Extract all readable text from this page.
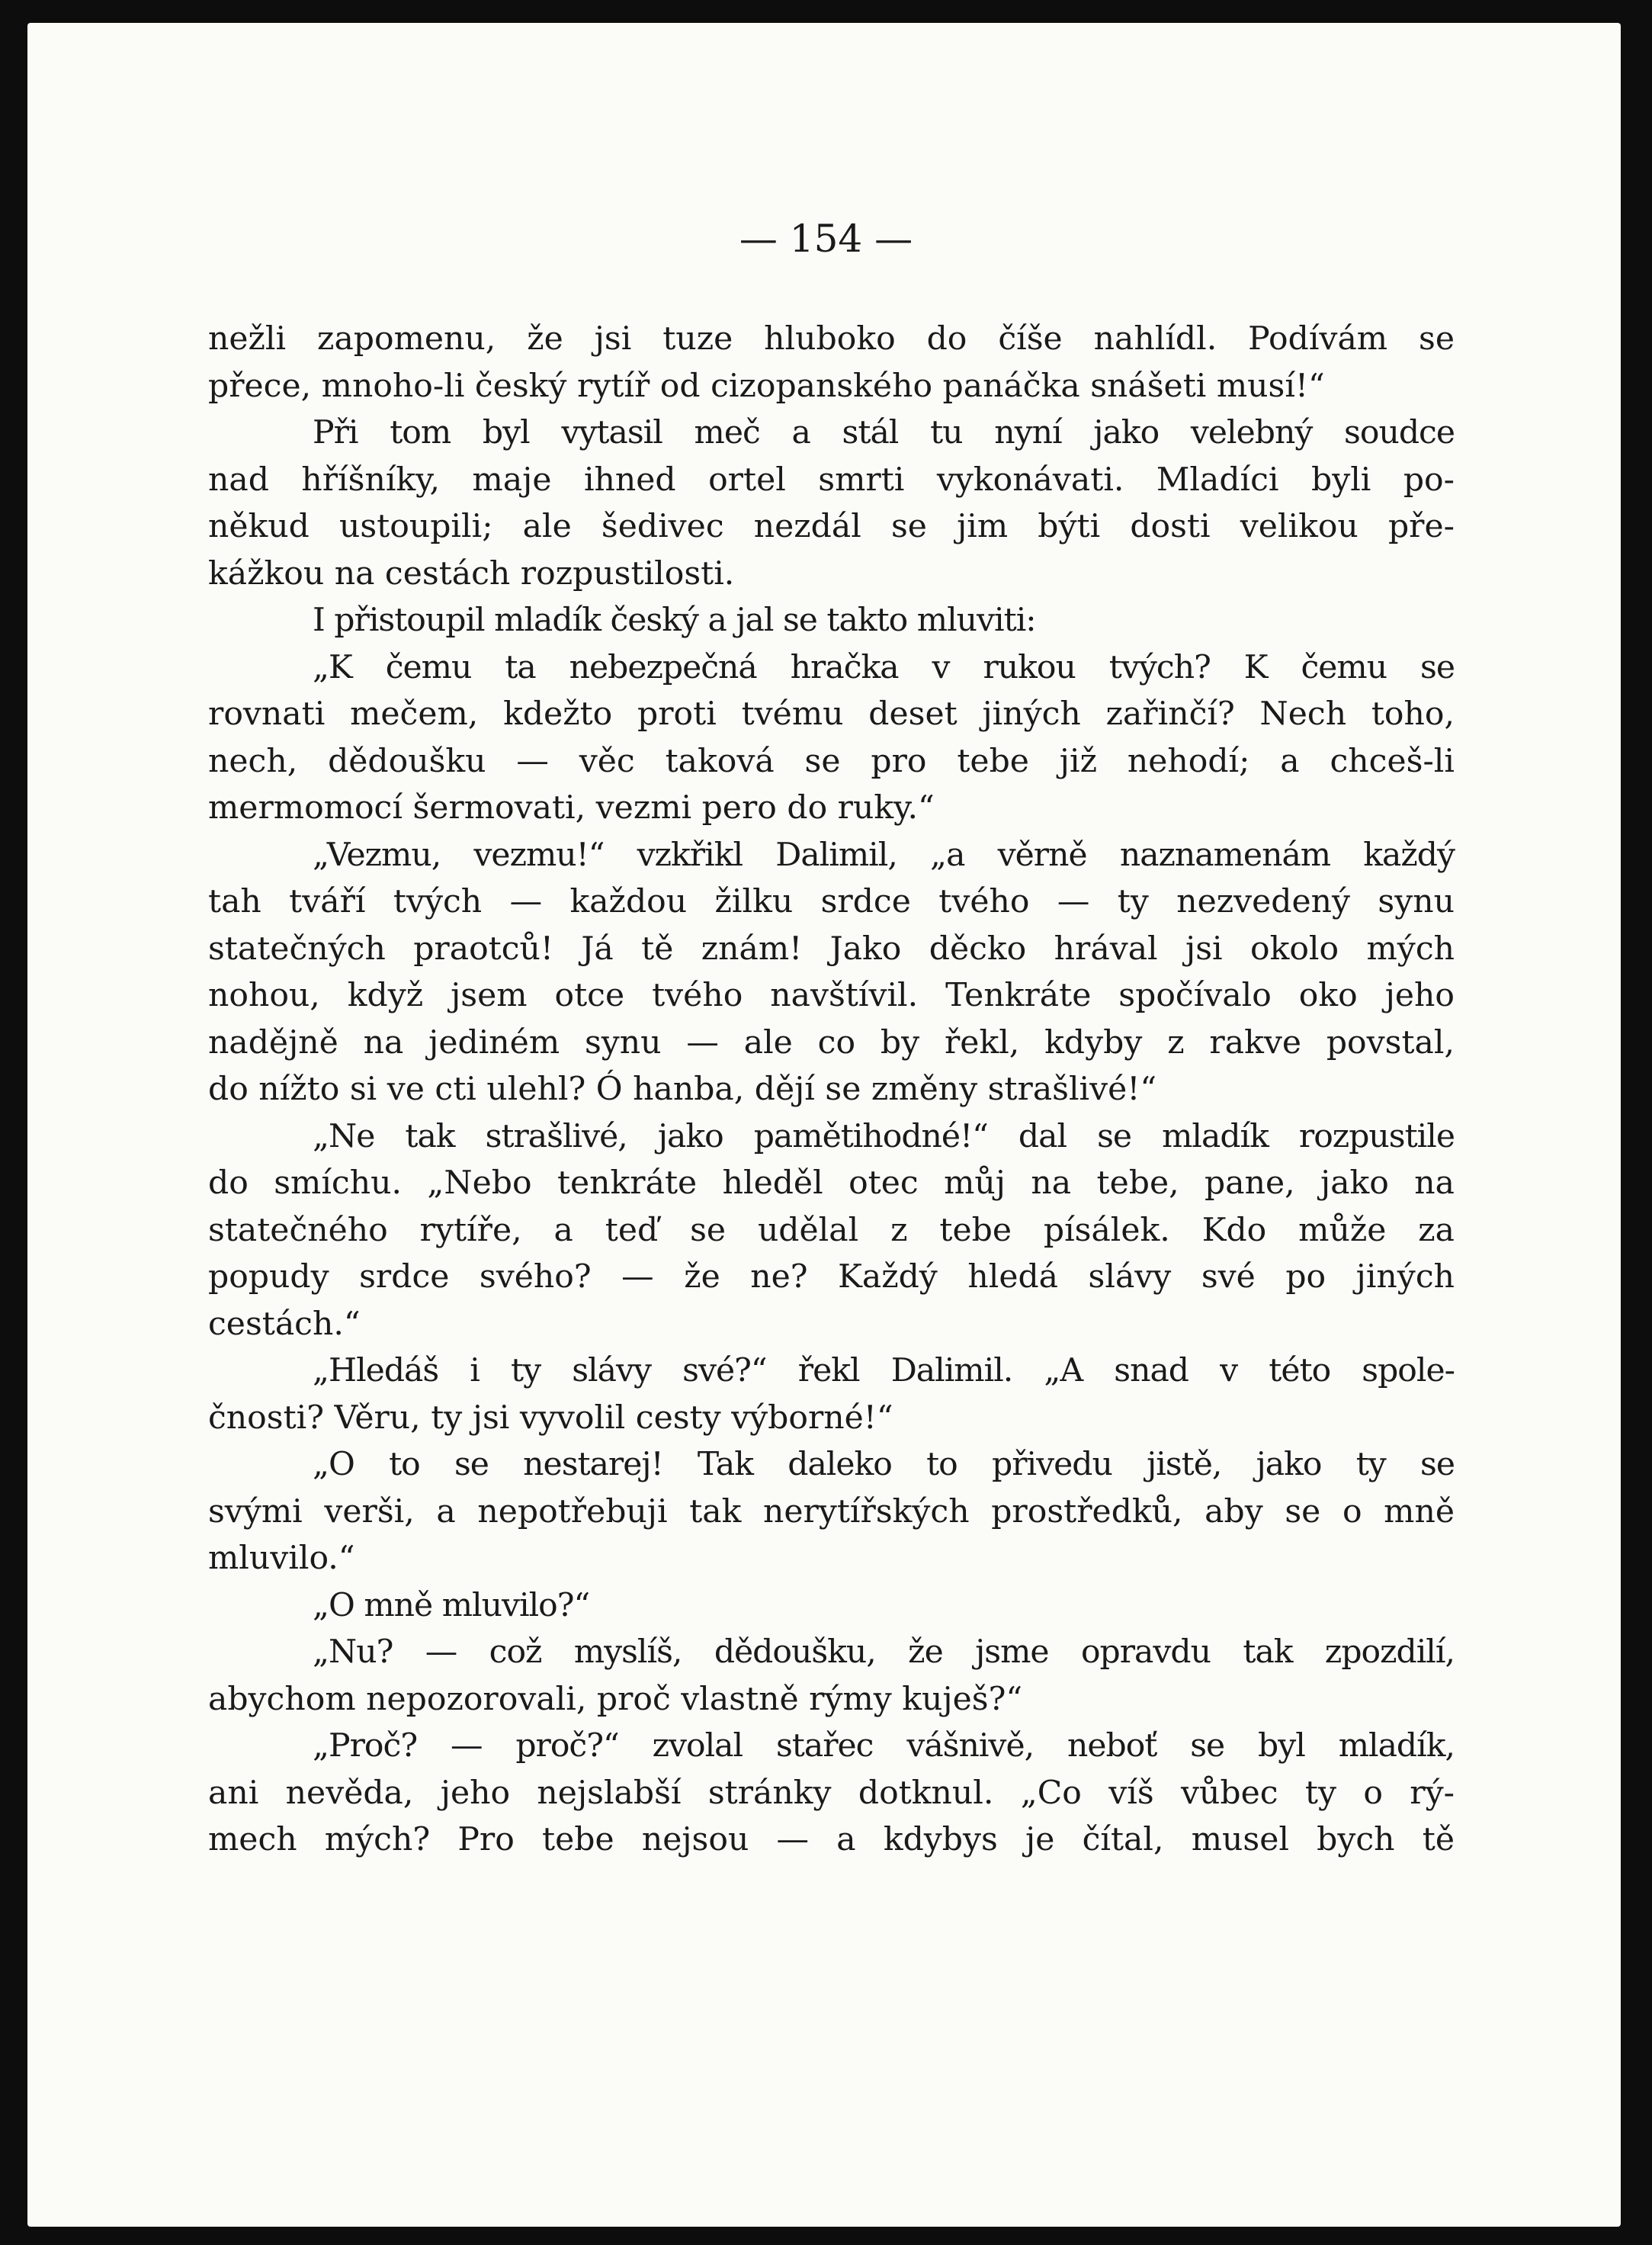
— 154 —
nežli zapomenu, že jsi tuze hluboko do číše nahlídl. Podívám se
přece, mnoho-li český rytíř od cizopanského panáčka snášeti musí!“
Při tom byl vytasil meč a stál tu nyní jako velebný soudce
nad hříšníky, maje ihned ortel smrti vykonávati. Mladíci byli po-
někud ustoupili; ale šedivec nezdál se jim býti dosti velikou pře-
kážkou na cestách rozpustilosti.
I přistoupil mladík český a jal se takto mluviti:
„K čemu ta nebezpečná hračka v rukou tvých? K čemu se
rovnati mečem, kdežto proti tvému deset jiných zařinčí? Nech toho,
nech, dědoušku — věc taková se pro tebe již nehodí; a chceš-li
mermomocí šermovati, vezmi pero do ruky.“
„Vezmu, vezmu!“ vzkřikl Dalimil, „a věrně naznamenám každý
tah tváří tvých — každou žilku srdce tvého — ty nezvedený synu
statečných praotců! Já tě znám! Jako děcko hrával jsi okolo mých
nohou, když jsem otce tvého navštívil. Tenkráte spočívalo oko jeho
nadějně na jediném synu — ale co by řekl, kdyby z rakve povstal,
do nížto si ve cti ulehl? Ó hanba, dějí se změny strašlivé!“
„Ne tak strašlivé, jako pamětihodné!“ dal se mladík rozpustile
do smíchu. „Nebo tenkráte hleděl otec můj na tebe, pane, jako na
statečného rytíře, a teď se udělal z tebe písálek. Kdo může za
popudy srdce svého? — že ne? Každý hledá slávy své po jiných
cestách.“
„Hledáš i ty slávy své?“ řekl Dalimil. „A snad v této spole-
čnosti? Věru, ty jsi vyvolil cesty výborné!“
„O to se nestarej! Tak daleko to přivedu jistě, jako ty se
svými verši, a nepotřebuji tak nerytířských prostředků, aby se o mně
mluvilo.“
„O mně mluvilo?“
„Nu? — což myslíš, dědoušku, že jsme opravdu tak zpozdilí,
abychom nepozorovali, proč vlastně rýmy kuješ?“
„Proč? — proč?“ zvolal stařec vášnivě, neboť se byl mladík,
ani nevěda, jeho nejslabší stránky dotknul. „Co víš vůbec ty o rý-
mech mých? Pro tebe nejsou — a kdybys je čítal, musel bych tě
